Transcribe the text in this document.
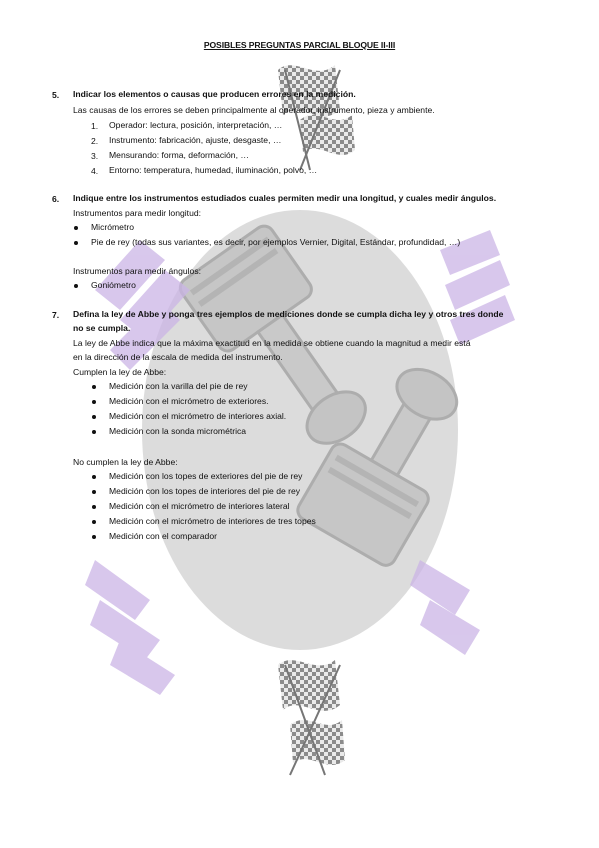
POSIBLES PREGUNTAS PARCIAL BLOQUE II-III
5. Indicar los elementos o causas que producen errores en la medición.
Las causas de los errores se deben principalmente al operador, instrumento, pieza y ambiente.
1. Operador: lectura, posición, interpretación, …
2. Instrumento: fabricación, ajuste, desgaste, …
3. Mensurando: forma, deformación, …
4. Entorno: temperatura, humedad, iluminación, polvo, …
6. Indique entre los instrumentos estudiados cuales permiten medir una longitud, y cuales medir ángulos.
Instrumentos para medir longitud:
Micrómetro
Pie de rey (todas sus variantes, es decir, por ejemplos Vernier, Digital, Estándar, profundidad, …)
Instrumentos para medir ángulos:
Goniómetro
7. Defina la ley de Abbe y ponga tres ejemplos de mediciones donde se cumpla dicha ley y otros tres donde
no se cumpla.
La ley de Abbe indica que la máxima exactitud en la medida se obtiene cuando la magnitud a medir está
en la dirección de la escala de medida del instrumento.
Cumplen la ley de Abbe:
Medición con la varilla del pie de rey
Medición con el micrómetro de exteriores.
Medición con el micrómetro de interiores axial.
Medición con la sonda micrométrica
No cumplen la ley de Abbe:
Medición con los topes de exteriores del pie de rey
Medición con los topes de interiores del pie de rey
Medición con el micrómetro de interiores lateral
Medición con el micrómetro de interiores de tres topes
Medición con el comparador
